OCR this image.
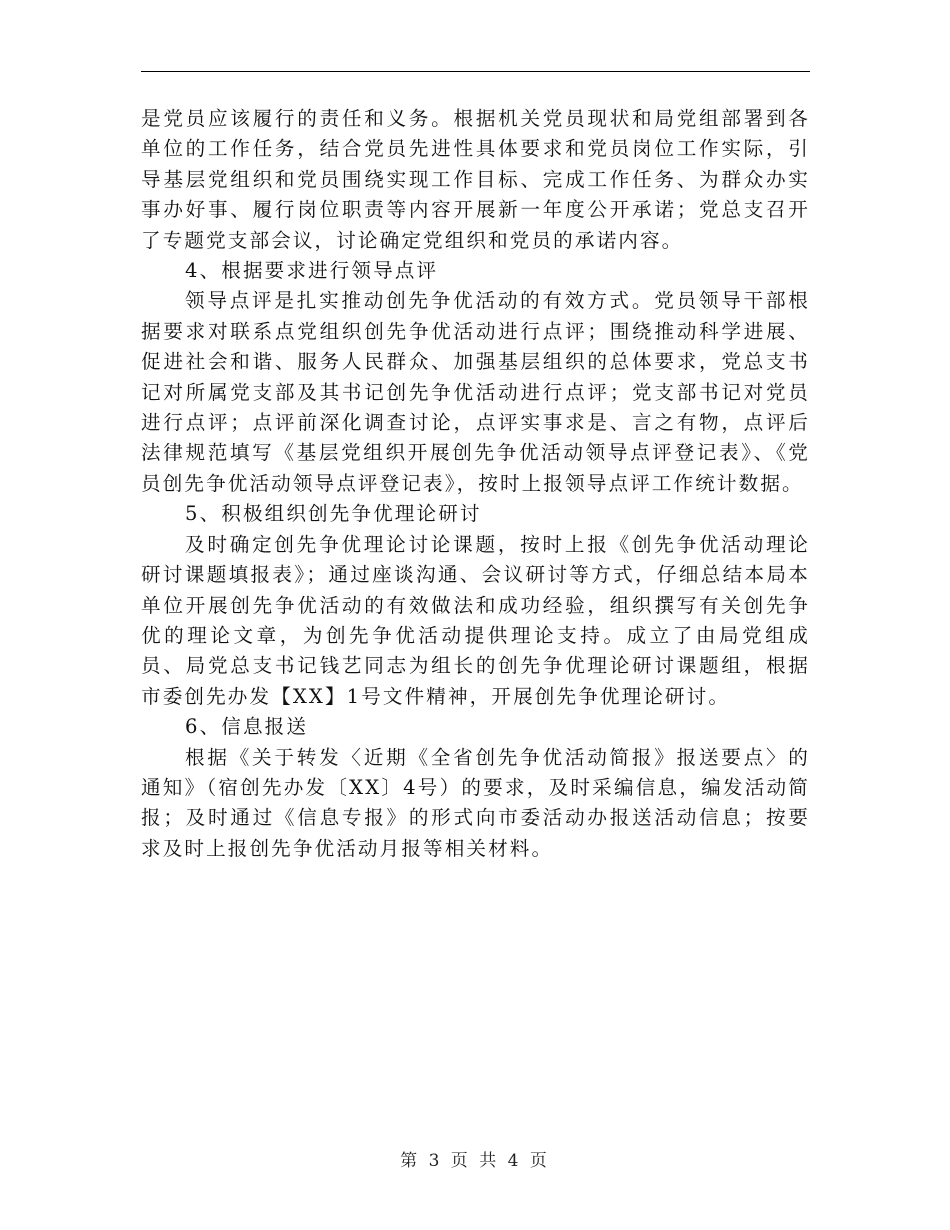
是党员应该履行的责任和义务。根据机关党员现状和局党组部署到各单位的工作任务，结合党员先进性具体要求和党员岗位工作实际，引导基层党组织和党员围绕实现工作目标、完成工作任务、为群众办实事办好事、履行岗位职责等内容开展新一年度公开承诺；党总支召开了专题党支部会议，讨论确定党组织和党员的承诺内容。

4、根据要求进行领导点评

领导点评是扎实推动创先争优活动的有效方式。党员领导干部根据要求对联系点党组织创先争优活动进行点评；围绕推动科学进展、促进社会和谐、服务人民群众、加强基层组织的总体要求，党总支书记对所属党支部及其书记创先争优活动进行点评；党支部书记对党员进行点评；点评前深化调查讨论，点评实事求是、言之有物，点评后法律规范填写《基层党组织开展创先争优活动领导点评登记表》、《党员创先争优活动领导点评登记表》，按时上报领导点评工作统计数据。

5、积极组织创先争优理论研讨

及时确定创先争优理论讨论课题，按时上报《创先争优活动理论研讨课题填报表》；通过座谈沟通、会议研讨等方式，仔细总结本局本单位开展创先争优活动的有效做法和成功经验，组织撰写有关创先争优的理论文章，为创先争优活动提供理论支持。成立了由局党组成员、局党总支书记钱艺同志为组长的创先争优理论研讨课题组，根据市委创先办发【XX】1号文件精神，开展创先争优理论研讨。

6、信息报送

根据《关于转发〈近期《全省创先争优活动简报》报送要点〉的通知》（宿创先办发〔XX〕4号）的要求，及时采编信息，编发活动简报；及时通过《信息专报》的形式向市委活动办报送活动信息；按要求及时上报创先争优活动月报等相关材料。

第 3 页 共 4 页
